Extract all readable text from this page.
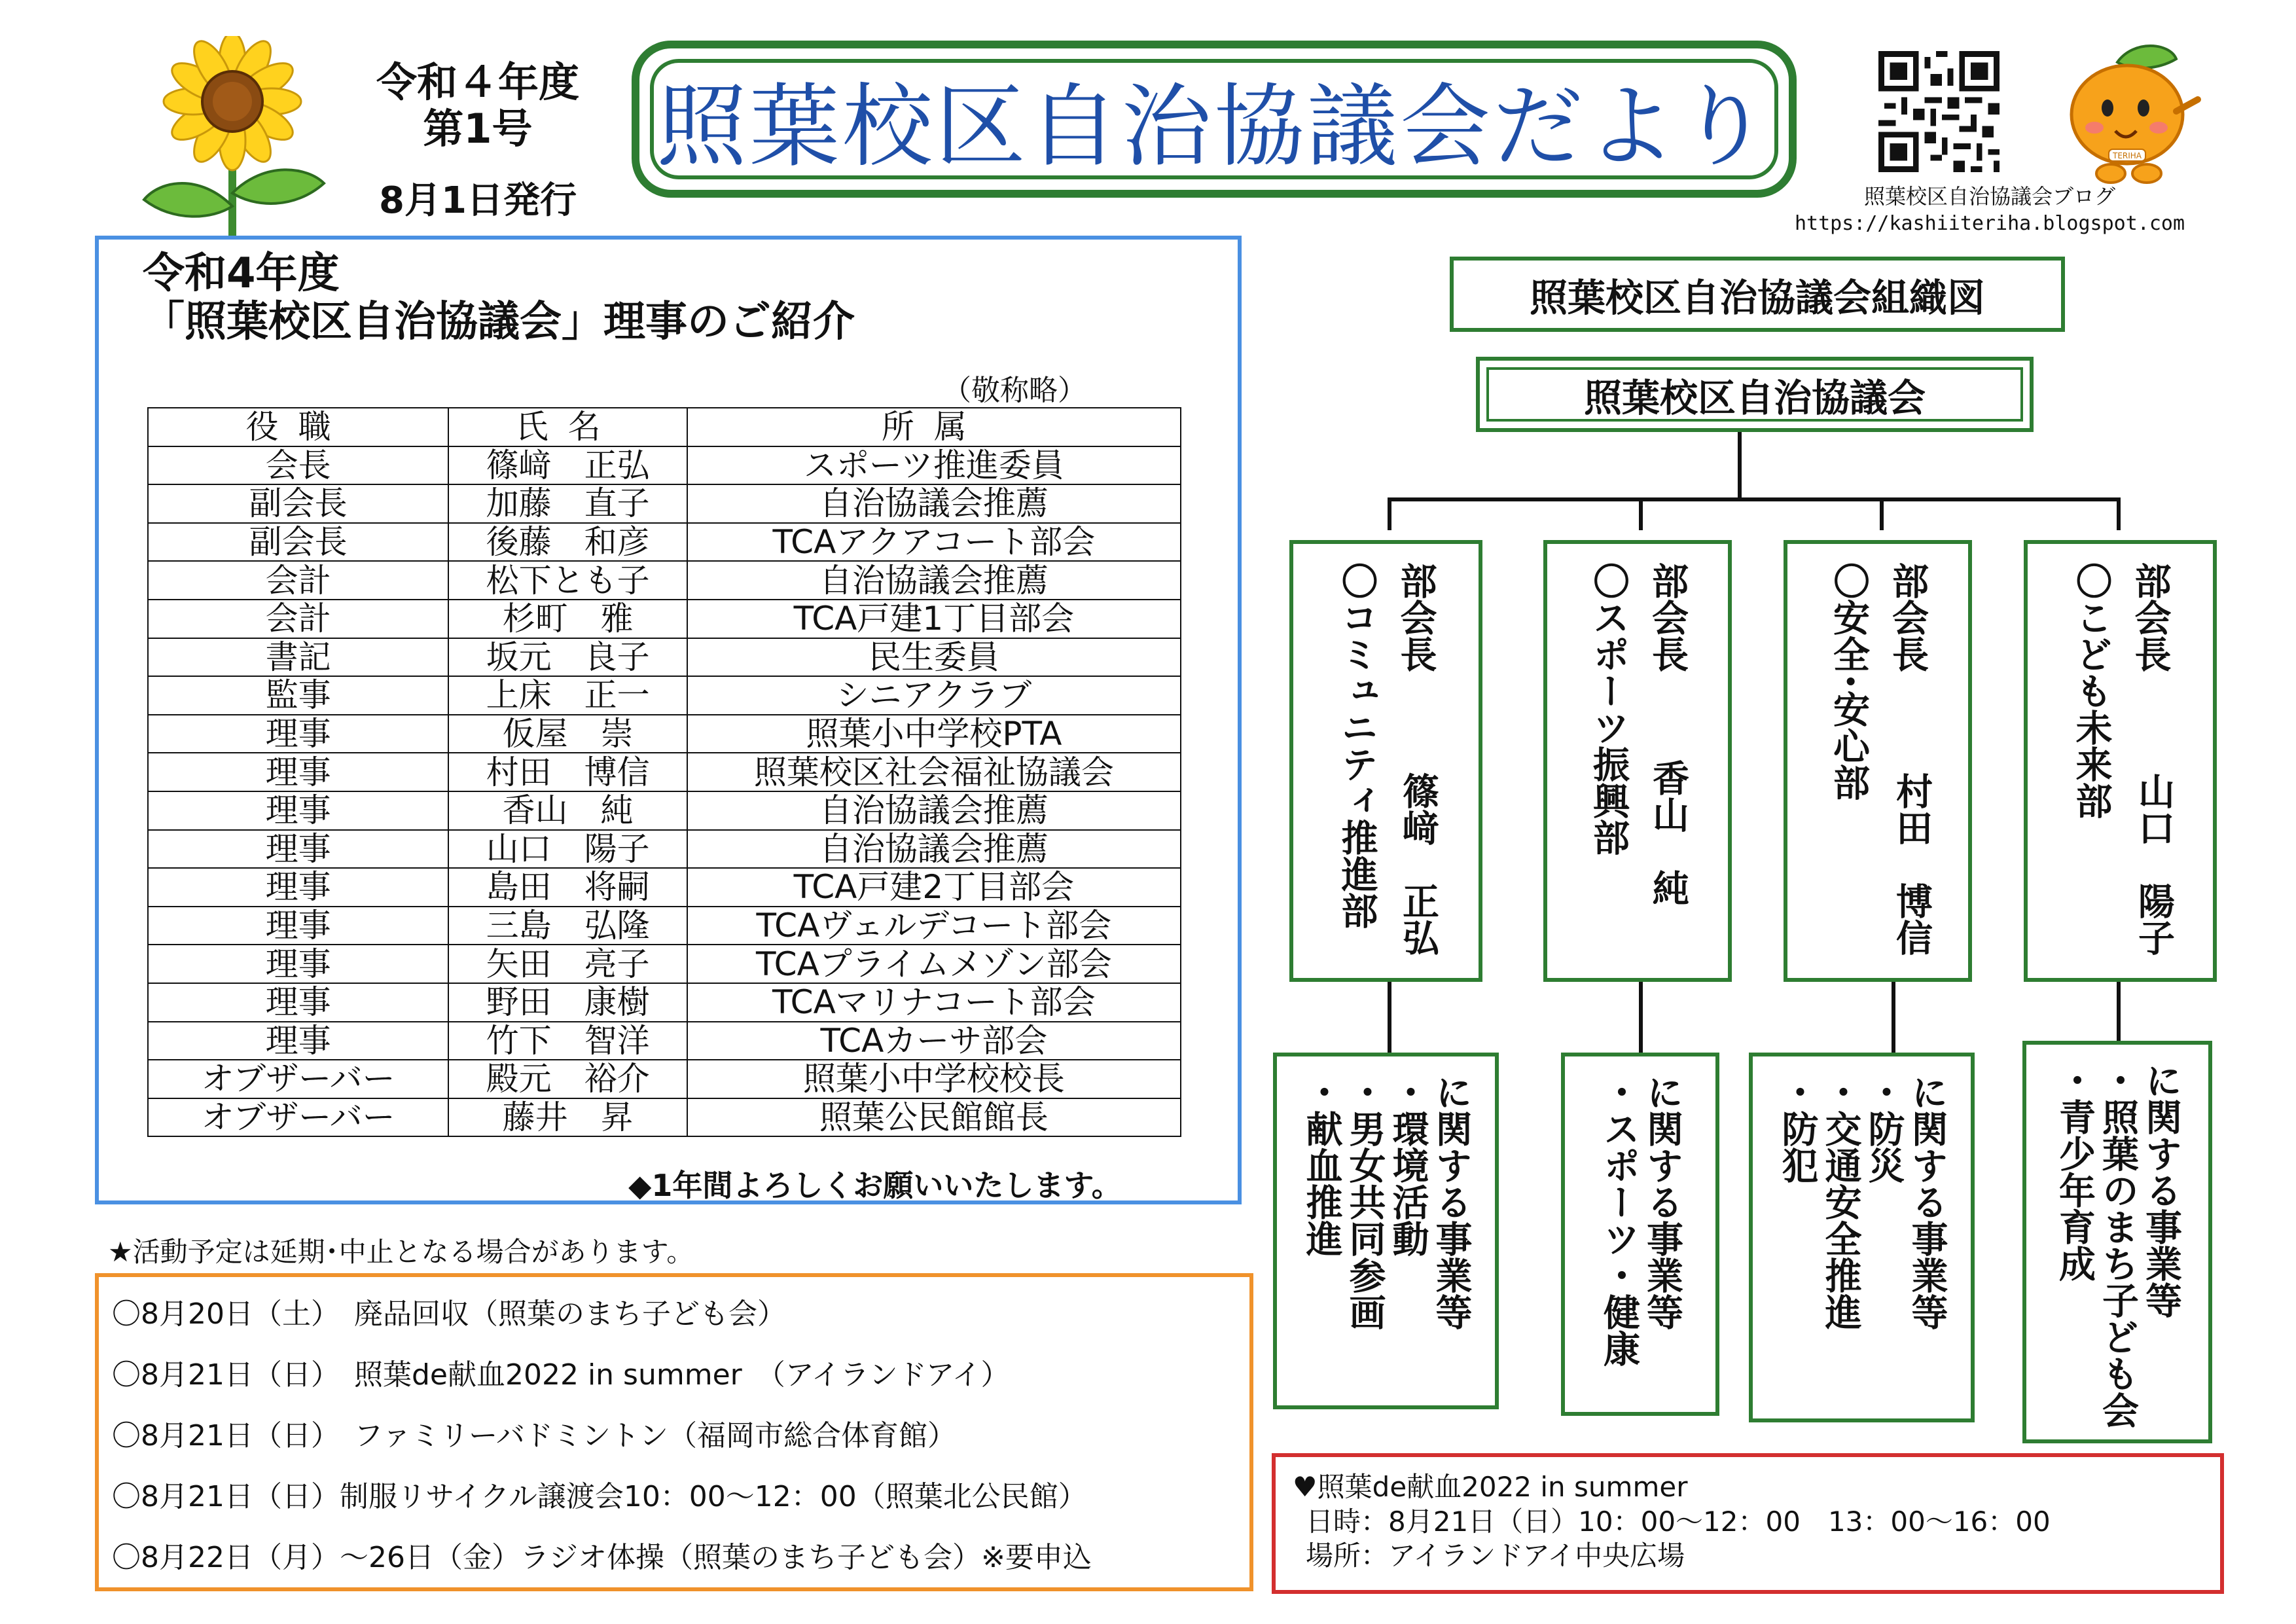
令和４年度
第1号
8月1日発行
照葉校区自治協議会だより	TERIHA
照葉校区自治協議会ブログ
https://kashiiteriha.blogspot.com
令和4年度
「照葉校区自治協議会」理事のご紹介
（敬称略）
役職	氏名	所属
会長	篠﨑　正弘	スポーツ推進委員
副会長	加藤　直子	自治協議会推薦
副会長	後藤　和彦	TCAアクアコート部会
会計	松下とも子	自治協議会推薦
会計	杉町　雅	TCA戸建1丁目部会
書記	坂元　良子	民生委員
監事	上床　正一	シニアクラブ
理事	仮屋　崇	照葉小中学校PTA
理事	村田　博信	照葉校区社会福祉協議会
理事	香山　純	自治協議会推薦
理事	山口　陽子	自治協議会推薦
理事	島田　将嗣	TCA戸建2丁目部会
理事	三島　弘隆	TCAヴェルデコート部会
理事	矢田　亮子	TCAプライムメゾン部会
理事	野田　康樹	TCAマリナコート部会
理事	竹下　智洋	TCAカーサ部会
オブザーバー	殿元　裕介	照葉小中学校校長
オブザーバー	藤井　昇	照葉公民館館長
◆1年間よろしくお願いいたします。
★活動予定は延期･中止となる場合があります。
〇8月20日（土）　廃品回収（照葉のまち子ども会）
〇8月21日（日）　照葉de献血2022 in summer　（アイランドアイ）
〇8月21日（日）　ファミリーバドミントン（福岡市総合体育館）
〇8月21日（日）制服リサイクル譲渡会10：00～12：00（照葉北公民館）
〇8月22日（月）～26日（金）ラジオ体操（照葉のまち子ども会）※要申込
照葉校区自治協議会組織図
照葉校区自治協議会
部会長
〇コミュニティ推進部 篠﨑　正弘
部会長
〇スポーツ振興部 香山　純
部会長
〇安全･安心部
村田　博信
部会長
〇こども未来部
山口　陽子
に関する事業等
・環境活動
・男女共同参画
・献血推進	に関する事業等
・スポーツ・健康	に関する事業等
・防災
・交通安全推進
・防犯	に関する事業等
・照葉のまち子ども会
・青少年育成
♥照葉de献血2022 in summer
日時：8月21日（日）10：00～12：00　13：00～16：00
場所：アイランドアイ中央広場
